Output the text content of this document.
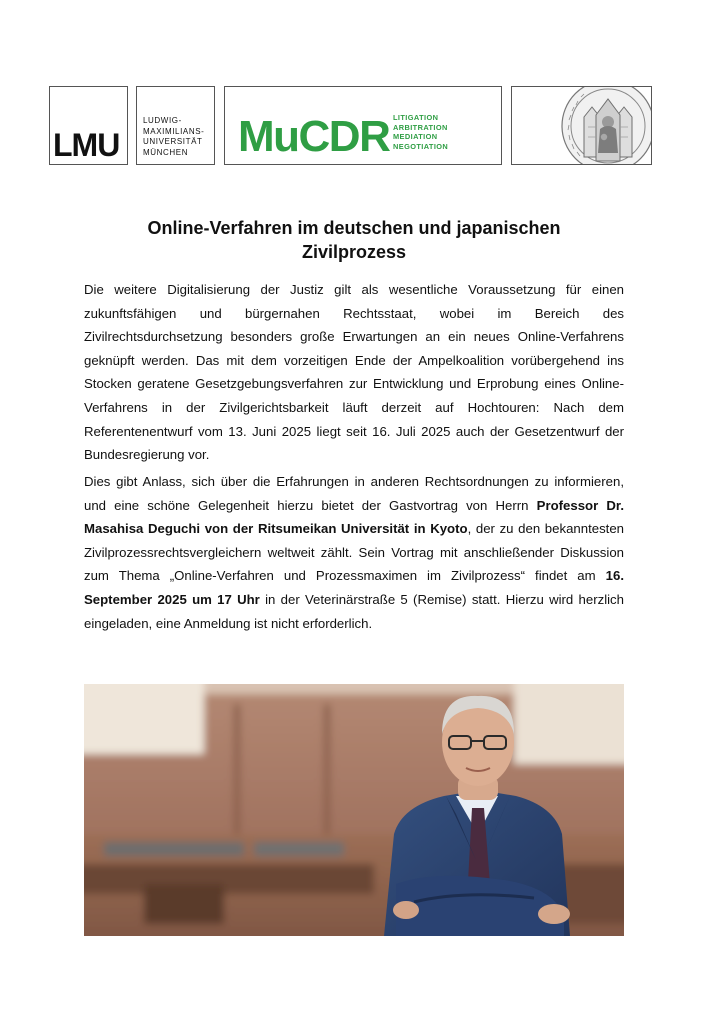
LMU
LUDWIG-
MAXIMILIANS-
UNIVERSITÄT
MÜNCHEN	MuCDR LITIGATION
ARBITRATION
MEDIATION
NEGOTIATION
Online-Verfahren im deutschen und japanischen
Zivilprozess
Die weitere Digitalisierung der Justiz gilt als wesentliche Voraussetzung für einen zukunftsfähigen und bürgernahen Rechtsstaat, wobei im Bereich des Zivilrechtsdurchsetzung besonders große Erwartungen an ein neues Online-Verfahrens geknüpft werden. Das mit dem vorzeitigen Ende der Ampelkoalition vorübergehend ins Stocken geratene Gesetzgebungsverfahren zur Entwicklung und Erprobung eines Online-Verfahrens in der Zivilgerichtsbarkeit läuft derzeit auf Hochtouren: Nach dem Referentenentwurf vom 13. Juni 2025 liegt seit 16. Juli 2025 auch der Gesetzentwurf der Bundesregierung vor.
Dies gibt Anlass, sich über die Erfahrungen in anderen Rechtsordnungen zu informieren, und eine schöne Gelegenheit hierzu bietet der Gastvortrag von Herrn Professor Dr. Masahisa Deguchi von der Ritsumeikan Universität in Kyoto, der zu den bekanntesten Zivilprozessrechtsvergleichern weltweit zählt. Sein Vortrag mit anschließender Diskussion zum Thema „Online-Verfahren und Prozessmaximen im Zivilprozess“ findet am 16. September 2025 um 17 Uhr in der Veterinärstraße 5 (Remise) statt. Hierzu wird herzlich eingeladen, eine Anmeldung ist nicht erforderlich.
